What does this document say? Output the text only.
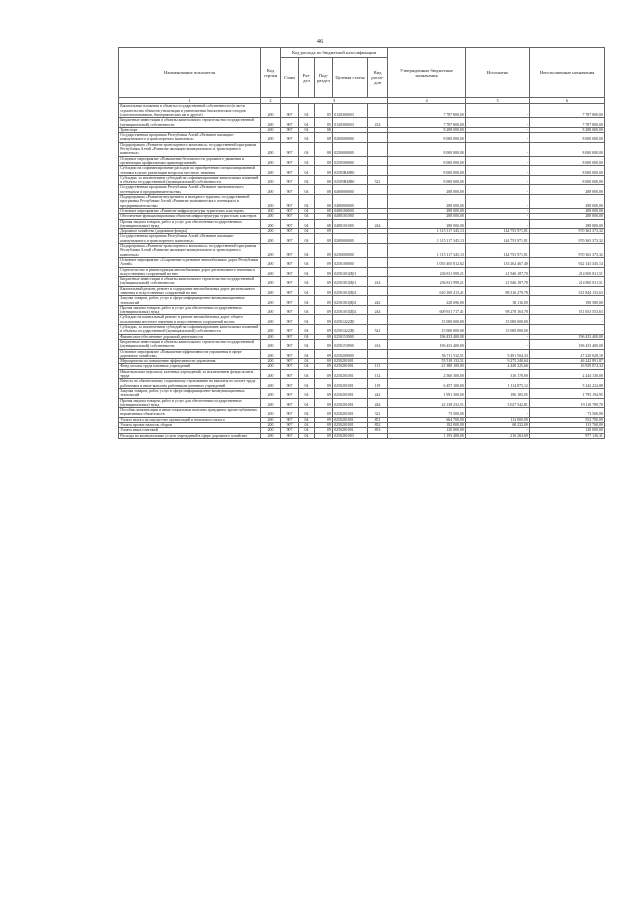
46
Наименование показателя	Код строки	Код расхода по бюджетной классификации					Утвержденные бюджетные назначения	Исполнено	Неисполненные назначения
		Глава	Раз-дел	Под-раздел	Целевая статья	Вид расхо-дов			
1	2	3					4	5	6
Капитальные вложения в объекты государственной собственности (в части строительства объектов утилизации и уничтожения биологических отходов (скотомогильников, биотермических ям и другое)	200	907	04	05	0120300003		7 787 800,00	-	7 787 800,00
Бюджетные инвестиции в объекты капитального строительства государственной (муниципальной) собственности	200	907	04	05	0120300003	414	7 787 800,00	-	7 787 800,00
Транспорт	200	907	04	08			8 288 000,00	-	8 288 000,00
Государственная программа Республики Алтай «Развитие жилищно-коммунального и транспортного комплекса»	200	907	04	08	0200000000		8 000 000,00	-	8 000 000,00
Подпрограмма «Развитие транспортного комплекса» государственной программы Республики Алтай «Развитие жилищно-коммунального и транспортного комплекса»	200	907	04	08	0250000000		8 000 000,00	-	8 000 000,00
Основное мероприятие «Повышение безопасности дорожного движения и организация профилактики правонарушений»	200	907	04	08	0250500000		8 000 000,00	-	8 000 000,00
Субсидии на софинансирование расходов по приобретению специализированной техники в целях реализации вопросов местного значения	200	907	04	08	02505R4880		8 000 000,00	-	8 000 000,00
Субсидии, за исключением субсидий на софинансирование капитальных вложений в объекты государственной (муниципальной) собственности	200	907	04	08	02505R4880	521	8 000 000,00	-	8 000 000,00
Государственная программа Республики Алтай «Развитие экономического потенциала и предпринимательства»	200	907	04	08	0400000000		288 000,00	-	288 000,00
Подпрограмма «Развитие внутреннего и въездного туризма» государственной программы Республики Алтай «Развитие экономического потенциала и предпринимательства»	200	907	04	08	0480000000		288 000,00	-	288 000,00
Основное мероприятие «Развитие инфраструктуры туристских кластеров»	200	907	04	08	0480100000		288 000,00	-	288 000,00
Обеспечение функционирования объектов инфраструктуры туристских кластеров	200	907	04	08	0480101000		288 000,00	-	288 000,00
Прочая закупка товаров, работ и услуг для обеспечения государственных (муниципальных) нужд	200	907	04	08	0480101000	244	288 000,00	-	288 000,00
Дорожное хозяйство (дорожные фонды)	200	907	04	09			1 115 117 345,13	144 753 971,81	970 363 373,32
Государственная программа Республики Алтай «Развитие жилищно-коммунального и транспортного комплекса»	200	907	04	09	0200000000		1 115 117 345,13	144 753 971,81	970 363 373,32
Подпрограмма «Развитие транспортного комплекса» государственной программы Республики Алтай «Развитие жилищно-коммунального и транспортного комплекса»	200	907	04	09	0250000000		1 115 117 345,13	144 753 971,81	970 363 373,32
Основное мероприятие «Сохранение и развитие автомобильных дорог Республики Алтай»	200	907	04	09	0250100000		1 055 405 812,62	133 262 467,48	922 143 345,14
Строительство и реконструкция автомобильных дорог регионального значения и искусственных сооружений на них	200	907	04	09	02501010Д01		236 811 999,21	21 946 187,70	214 865 811,51
Бюджетные инвестиции в объекты капитального строительства государственной (муниципальной) собственности	200	907	04	09	02501010Д01	414	236 811 999,21	21 946 187,70	214 865 811,51
Капитальный ремонт, ремонт и содержание автомобильных дорог регионального значения и искусственных сооружений на них	200	907	04	09	02501010Д02		610 169 413,41	88 316 279,78	521 844 133,63
Закупка товаров, работ, услуг в сфере информационно-коммуникационных технологий	200	907	04	09	02501010Д02	242	228 696,00	38 116,00	190 580,00
Прочая закупка товаров, работ и услуг для обеспечения государственных (муниципальных) нужд	200	907	04	09	02501010Д02	244	609 931 717,41	98 278 163,78	511 653 553,63
Субсидии на капитальный ремонт и ремонт автомобильных дорог общего пользования местного значения и искусственных сооружений на них	200	907	04	09	02501422Д0		15 000 000,00	15 000 000,00	-
Субсидии, за исключением субсидий на софинансирование капитальных вложений в объекты государственной (муниципальной) собственности	200	907	04	09	02501422Д0	521	15 000 000,00	15 000 000,00	-
Финансовое обеспечение дорожной деятельности	200	907	04	09	0250153900		196 433 400,00	-	196 433 400,00
Бюджетные инвестиции в объекты капитального строительства государственной (муниципальной) собственности	200	907	04	09	0250153900	414	196 433 400,00	-	196 433 400,00
Основное мероприятие «Повышение эффективности управления в сфере дорожного хозяйства»	200	907	04	09	0250200000		56 711 532,51	9 491 504,33	47 220 028,18
Мероприятия по повышению эффективности управления	200	907	04	09	0250201001		55 518 132,51	9 275 240,64	46 242 891,87
Фонд оплаты труда казенных учреждений	200	907	04	09	0250201001	111	21 380 100,00	4 440 225,66	16 939 874,34
Иные выплаты персоналу казенных учреждений, за исключением фонда оплаты труда	200	907	04	09	0250201001	112	2 560 300,00	316 170,00	2 244 130,00
Взносы по обязательному социальному страхованию на выплаты по оплате труда работников и иные выплаты работникам казенных учреждений	200	907	04	09	0250201001	119	6 457 100,00	1 114 875,12	5 342 224,88
Закупка товаров, работ, услуг в сфере информационно-коммуникационных технологий	200	907	04	09	0250201001	242	1 991 300,00	196 105,05	1 795 194,95
Прочая закупка товаров, работ и услуг для обеспечения государственных (муниципальных) нужд	200	907	04	09	0250201001	244	22 138 232,51	3 027 542,81	19 110 789,70
Пособия, компенсации и иные социальные выплаты гражданам, кроме публичных нормативных обязательств	200	907	04	09	0250201001	321	73 500,00	-	73 500,00
Уплата налога на имущество организаций и земельного налога	200	907	04	09	0250201001	851	664 700,00	112 000,00	552 700,00
Уплата прочих налогов, сборов	200	907	04	09	0250201001	852	182 000,00	68 232,00	113 768,00
Уплата иных платежей	200	907	04	09	0250201001	853	120 000,00	-	120 000,00
Расходы на коммунальные услуги учреждений в сфере дорожного хозяйства	200	907	04	09	0250201003		1 193 400,00	216 263,69	977 136,31
